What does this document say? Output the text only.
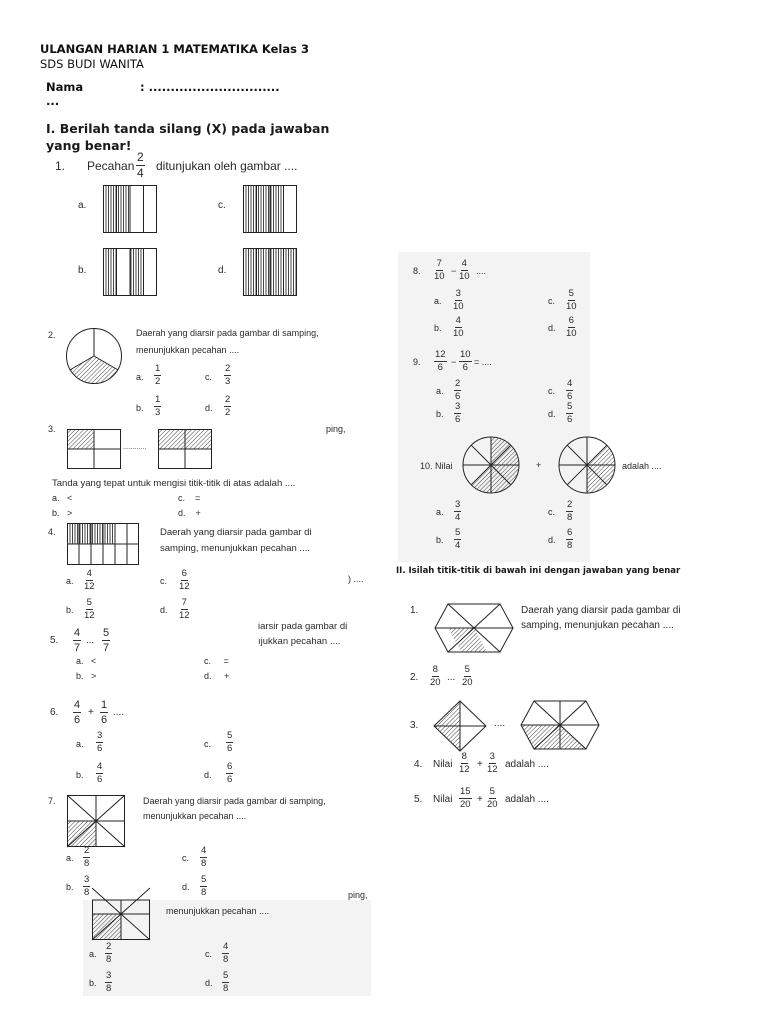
ULANGAN HARIAN 1 MATEMATIKA Kelas 3
SDS BUDI WANITA
Nama	: ..............................
...
I. Berilah tanda silang (X) pada jawaban yang benar!
1. Pecahan $\frac{2}{4}$ ditunjukan oleh gambar ....
a.	c.
b.	d.
2.	Daerah yang diarsir pada gambar di samping,
menunjukkan pecahan ....
a. $\frac{1}{2}$	c. $\frac{2}{3}$
b. $\frac{1}{3}$	d. $\frac{2}{2}$
3.
............
ping,
Tanda yang tepat untuk mengisi titik-titik di atas adalah ....
a. <	c. =
b. >	d. +
4.	Daerah yang diarsir pada gambar di
samping, menunjukkan pecahan ....
) ....
a. $\frac{4}{12}$	c. $\frac{6}{12}$
b. $\frac{5}{12}$	d. $\frac{7}{12}$
5. $\frac{4}{7}$ ... $\frac{5}{7}$
iarsir pada gambar di
ıjukkan pecahan ....
a. <	c. =
b. >	d. +
6. $\frac{4}{6} + \frac{1}{6}$ ....
a. $\frac{3}{6}$	c. $\frac{5}{6}$
b. $\frac{4}{6}$	d. $\frac{6}{6}$
7.	Daerah yang diarsir pada gambar di samping,
menunjukkan pecahan ....
a. $\frac{2}{8}$	c. $\frac{4}{8}$
b. $\frac{3}{8}$	d. $\frac{5}{8}$	ping,
menunjukkan pecahan ....
a. $\frac{2}{8}$	c. $\frac{4}{8}$
b. $\frac{3}{8}$	d. $\frac{5}{8}$
8. $\frac{7}{10} - \frac{4}{10}$ ....
a. $\frac{3}{10}$	c. $\frac{5}{10}$
b. $\frac{4}{10}$	d. $\frac{6}{10}$
9. $\frac{12}{6} - \frac{10}{6}$ = ....
a. $\frac{2}{6}$	c. $\frac{4}{6}$
b. $\frac{3}{6}$	d. $\frac{5}{6}$
10. Nilai	+	adalah ....
a. $\frac{3}{4}$	c. $\frac{2}{8}$
b. $\frac{5}{4}$	d. $\frac{6}{8}$
II. Isilah titik-titik di bawah ini dengan jawaban yang benar
1.	Daerah yang diarsir pada gambar di
samping, menunjukan pecahan ....
2. $\frac{8}{20}$ ... $\frac{5}{20}$
3.	....
4. Nilai $\frac{8}{12} + \frac{3}{12}$ adalah ....
5. Nilai $\frac{15}{20} + \frac{5}{20}$ adalah ....
